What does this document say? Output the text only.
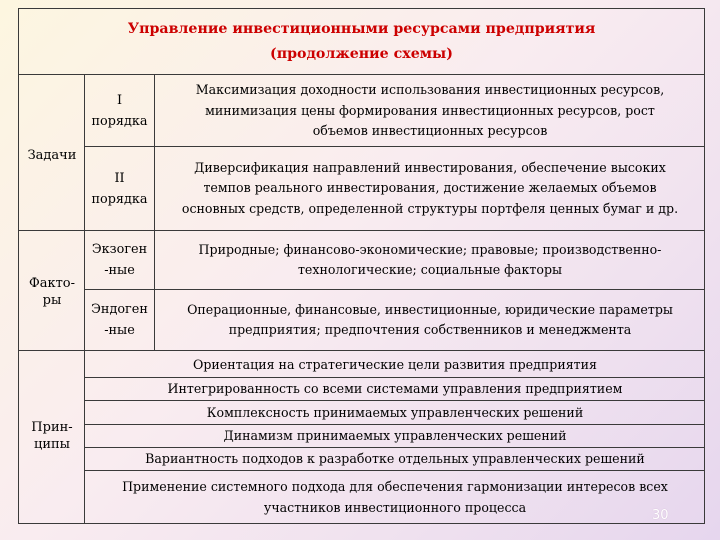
Управление инвестиционными ресурсами предприятия
(продолжение схемы)
Задачи
I
порядка
Максимизация доходности использования инвестиционных ресурсов,
минимизация цены формирования инвестиционных ресурсов, рост
объемов инвестиционных ресурсов
II
порядка
Диверсификация направлений инвестирования, обеспечение высоких
темпов реального инвестирования, достижение желаемых объемов
основных средств, определенной структуры портфеля ценных бумаг и др.
Факто-
ры
Экзоген
-ные
Природные; финансово-экономические; правовые; производственно-
технологические; социальные факторы
Эндоген
-ные
Операционные, финансовые, инвестиционные, юридические параметры
предприятия; предпочтения собственников и менеджмента
Прин-
ципы
Ориентация на стратегические цели развития предприятия
Интегрированность со всеми системами управления предприятием
Комплексность принимаемых управленческих решений
Динамизм принимаемых управленческих решений
Вариантность подходов к разработке отдельных управленческих решений
Применение системного подхода для обеспечения гармонизации интересов всех
участников инвестиционного процесса
30
